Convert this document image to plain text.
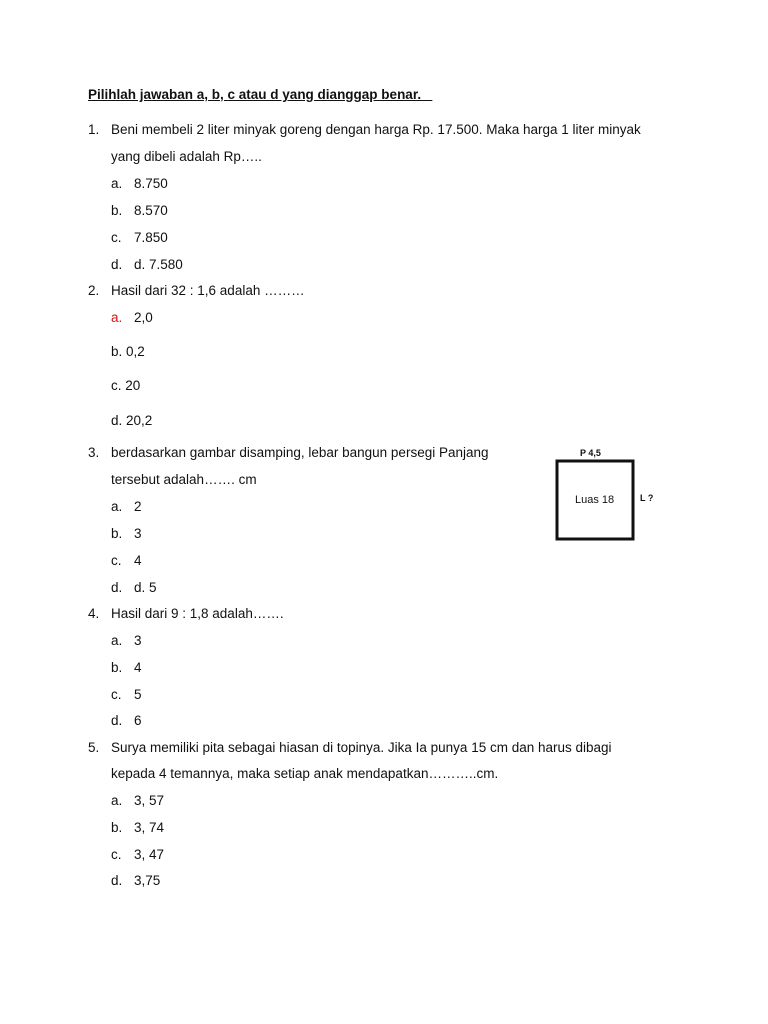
Pilihlah jawaban a, b, c atau d yang dianggap benar.
1. Beni membeli 2 liter minyak goreng dengan harga Rp. 17.500. Maka harga 1 liter minyak
yang dibeli adalah Rp…..
a. 8.750
b. 8.570
c. 7.850
d. d. 7.580
2. Hasil dari 32 : 1,6 adalah ………
a. 2,0
b. 0,2
c. 20
d. 20,2
3. berdasarkan gambar disamping, lebar bangun persegi Panjang
tersebut adalah……. cm
a. 2
b. 3
c. 4
d. d. 5
P 4,5
Luas 18	L ?
4. Hasil dari 9 : 1,8 adalah…….
a. 3
b. 4
c. 5
d. 6
5. Surya memiliki pita sebagai hiasan di topinya. Jika Ia punya 15 cm dan harus dibagi
kepada 4 temannya, maka setiap anak mendapatkan………..cm.
a. 3, 57
b. 3, 74
c. 3, 47
d. 3,75
